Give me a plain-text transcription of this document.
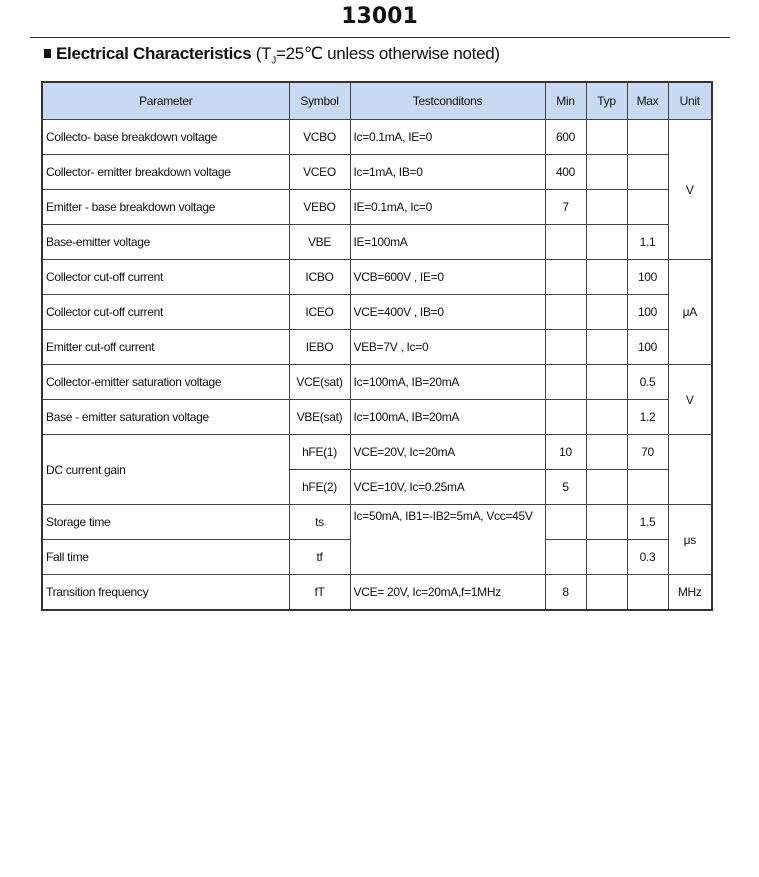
13001
Electrical Characteristics ($T_J=25℃$ unless otherwise noted)
Parameter	Symbol	Testconditons	Min	Typ	Max	Unit
Collecto- base breakdown voltage	VCBO	Ic=0.1mA, IE=0	600			V
Collector- emitter breakdown voltage	VCEO	Ic=1mA, IB=0	400			
Emitter - base breakdown voltage	VEBO	IE=0.1mA, Ic=0	7			
Base-emitter voltage	VBE	IE=100mA			1.1	
Collector cut-off current	ICBO	VCB=600V , IE=0			100	μA
Collector cut-off current	ICEO	VCE=400V , IB=0			100	
Emitter cut-off current	IEBO	VEB=7V , Ic=0			100	
Collector-emitter saturation voltage	VCE(sat)	Ic=100mA, IB=20mA			0.5	V
Base - emitter saturation voltage	VBE(sat)	Ic=100mA, IB=20mA			1.2	
DC current gain	hFE(1)	VCE=20V, Ic=20mA	10		70	
	hFE(2)	VCE=10V, Ic=0.25mA	5			
Storage time	ts	Ic=50mA, IB1=-IB2=5mA, Vcc=45V			1.5	μs
Fall time	tf				0.3	
Transition frequency	fT	VCE= 20V, Ic=20mA,f=1MHz	8			MHz
